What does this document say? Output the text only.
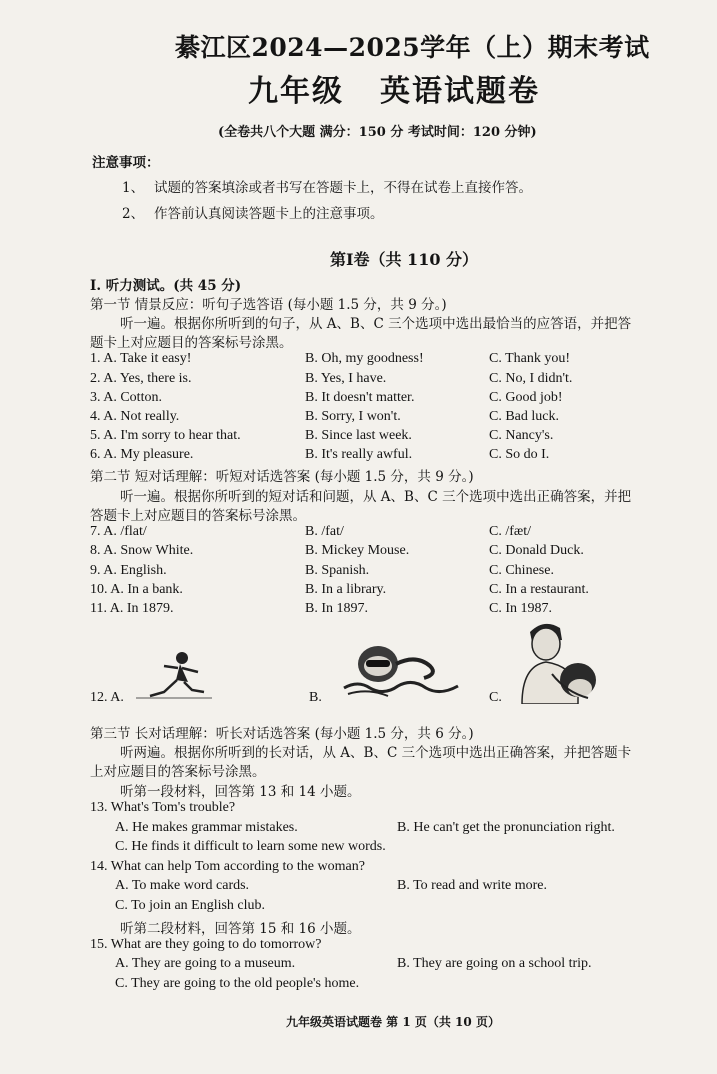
綦江区2024—2025学年（上）期末考试
九年级 英语试题卷
(全卷共八个大题 满分：150 分 考试时间：120 分钟)
注意事项：
1、 试题的答案填涂或者书写在答题卡上，不得在试卷上直接作答。
2、 作答前认真阅读答题卡上的注意事项。
第Ⅰ卷（共 110 分）
I. 听力测试。(共 45 分)
第一节 情景反应：听句子选答语 (每小题 1.5 分，共 9 分。)
听一遍。根据你所听到的句子，从 A、B、C 三个选项中选出最恰当的应答语，并把答
题卡上对应题目的答案标号涂黑。
1. A. Take it easy!	B. Oh, my goodness!	C. Thank you!
2. A. Yes, there is.	B. Yes, I have.	C. No, I didn't.
3. A. Cotton.	B. It doesn't matter.	C. Good job!
4. A. Not really.	B. Sorry, I won't.	C. Bad luck.
5. A. I'm sorry to hear that.	B. Since last week.	C. Nancy's.
6. A. My pleasure.	B. It's really awful.	C. So do I.
第二节 短对话理解：听短对话选答案 (每小题 1.5 分，共 9 分。)
听一遍。根据你所听到的短对话和问题，从 A、B、C 三个选项中选出正确答案，并把
答题卡上对应题目的答案标号涂黑。
7. A. /flat/	B. /fat/	C. /fæt/
8. A. Snow White.	B. Mickey Mouse.	C. Donald Duck.
9. A. English.	B. Spanish.	C. Chinese.
10. A. In a bank.	B. In a library.	C. In a restaurant.
11. A. In 1879.	B. In 1897.	C. In 1987.
12. A.	B.	C.
第三节 长对话理解：听长对话选答案 (每小题 1.5 分，共 6 分。)
听两遍。根据你所听到的长对话，从 A、B、C 三个选项中选出正确答案，并把答题卡
上对应题目的答案标号涂黑。
听第一段材料，回答第 13 和 14 小题。
13. What's Tom's trouble?
A. He makes grammar mistakes.	B. He can't get the pronunciation right.
C. He finds it difficult to learn some new words.
14. What can help Tom according to the woman?
A. To make word cards.	B. To read and write more.
C. To join an English club.
听第二段材料，回答第 15 和 16 小题。
15. What are they going to do tomorrow?
A. They are going to a museum.	B. They are going on a school trip.
C. They are going to the old people's home.
九年级英语试题卷 第 1 页（共 10 页）
